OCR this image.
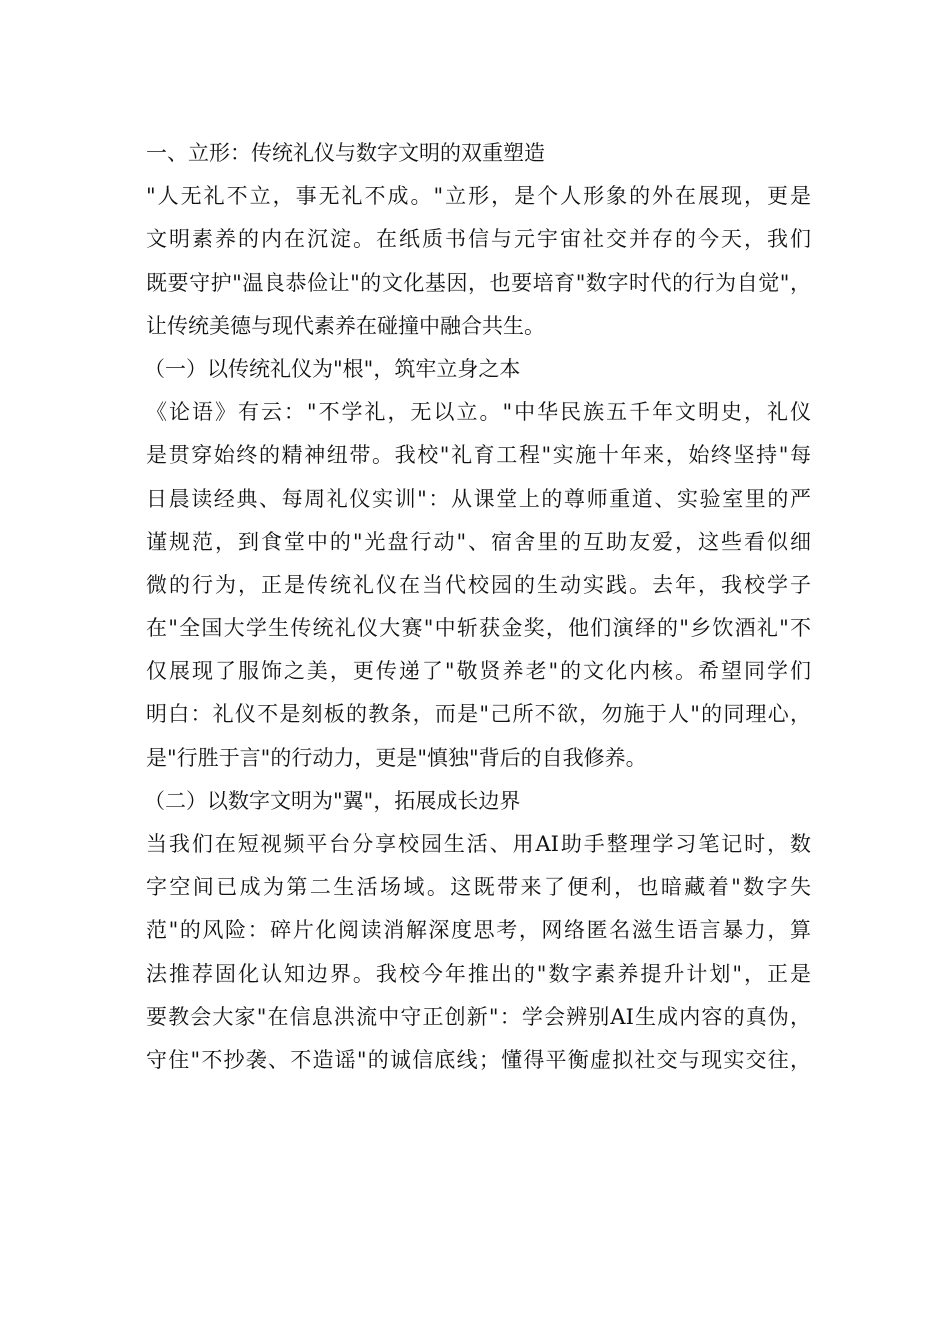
一、立形：传统礼仪与数字文明的双重塑造
"人无礼不立，事无礼不成。"立形，是个人形象的外在展现，更是
文明素养的内在沉淀。在纸质书信与元宇宙社交并存的今天，我们
既要守护"温良恭俭让"的文化基因，也要培育"数字时代的行为自觉"，
让传统美德与现代素养在碰撞中融合共生。
（一）以传统礼仪为"根"，筑牢立身之本
《论语》有云："不学礼，无以立。"中华民族五千年文明史，礼仪
是贯穿始终的精神纽带。我校"礼育工程"实施十年来，始终坚持"每
日晨读经典、每周礼仪实训"：从课堂上的尊师重道、实验室里的严
谨规范，到食堂中的"光盘行动"、宿舍里的互助友爱，这些看似细
微的行为，正是传统礼仪在当代校园的生动实践。去年，我校学子
在"全国大学生传统礼仪大赛"中斩获金奖，他们演绎的"乡饮酒礼"不
仅展现了服饰之美，更传递了"敬贤养老"的文化内核。希望同学们
明白：礼仪不是刻板的教条，而是"己所不欲，勿施于人"的同理心，
是"行胜于言"的行动力，更是"慎独"背后的自我修养。
（二）以数字文明为"翼"，拓展成长边界
当我们在短视频平台分享校园生活、用AI助手整理学习笔记时，数
字空间已成为第二生活场域。这既带来了便利，也暗藏着"数字失
范"的风险：碎片化阅读消解深度思考，网络匿名滋生语言暴力，算
法推荐固化认知边界。我校今年推出的"数字素养提升计划"，正是
要教会大家"在信息洪流中守正创新"：学会辨别AI生成内容的真伪，
守住"不抄袭、不造谣"的诚信底线；懂得平衡虚拟社交与现实交往，
